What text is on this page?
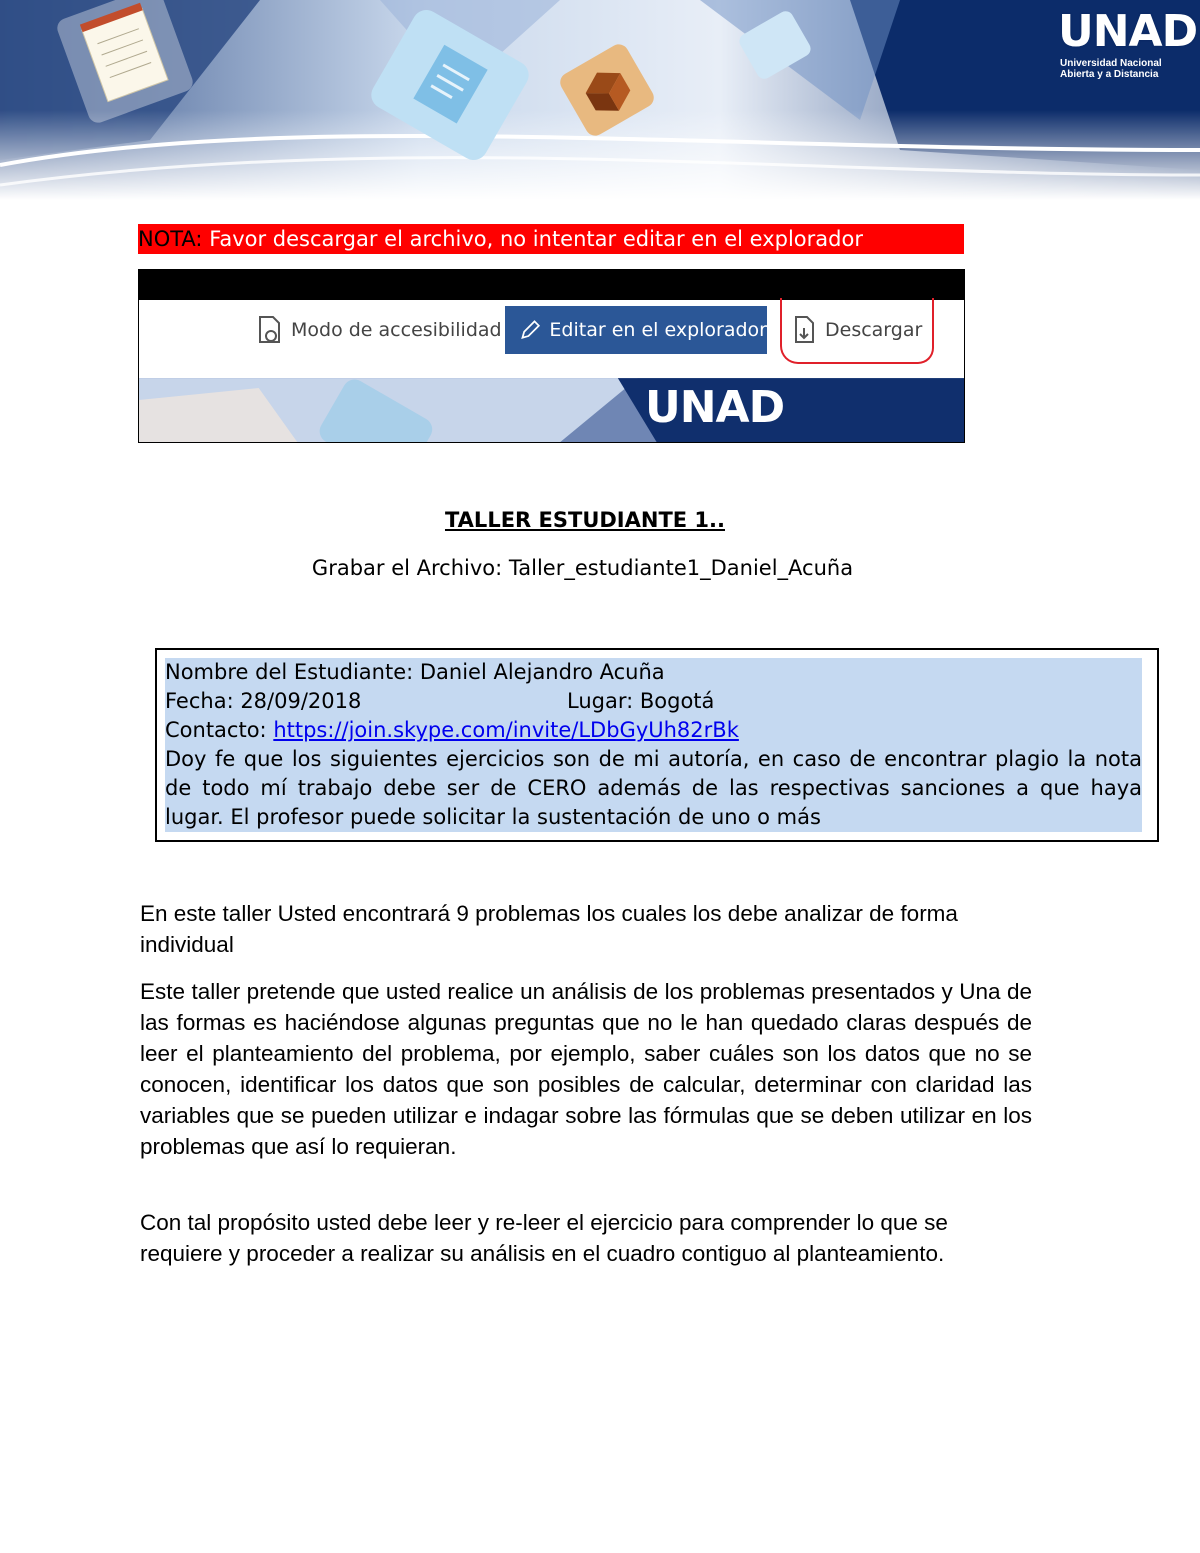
UNAD
Universidad Nacional
Abierta y a Distancia
NOTA: Favor descargar el archivo, no intentar editar en el explorador
Modo de accesibilidad	Editar en el explorador	Descargar
UNAD
TALLER ESTUDIANTE 1..
Grabar el Archivo: Taller_estudiante1_Daniel_Acuña
Nombre del Estudiante: Daniel Alejandro Acuña
Fecha: 28/09/2018	Lugar: Bogotá
Contacto: https://join.skype.com/invite/LDbGyUh82rBk
Doy fe que los siguientes ejercicios son de mi autoría, en caso de encontrar plagio la nota de todo mí trabajo debe ser de CERO además de las respectivas sanciones a que haya lugar. El profesor puede solicitar la sustentación de uno o más
En este taller Usted encontrará 9 problemas los cuales los debe analizar de forma individual
Este taller pretende que usted realice un análisis de los problemas presentados y Una de las formas es haciéndose algunas preguntas que no le han quedado claras después de leer el planteamiento del problema, por ejemplo, saber cuáles son los datos que no se conocen, identificar los datos que son posibles de calcular, determinar con claridad las variables que se pueden utilizar e indagar sobre las fórmulas que se deben utilizar en los problemas que así lo requieran.
Con tal propósito usted debe leer y re-leer el ejercicio para comprender lo que se requiere y proceder a realizar su análisis en el cuadro contiguo al planteamiento.
